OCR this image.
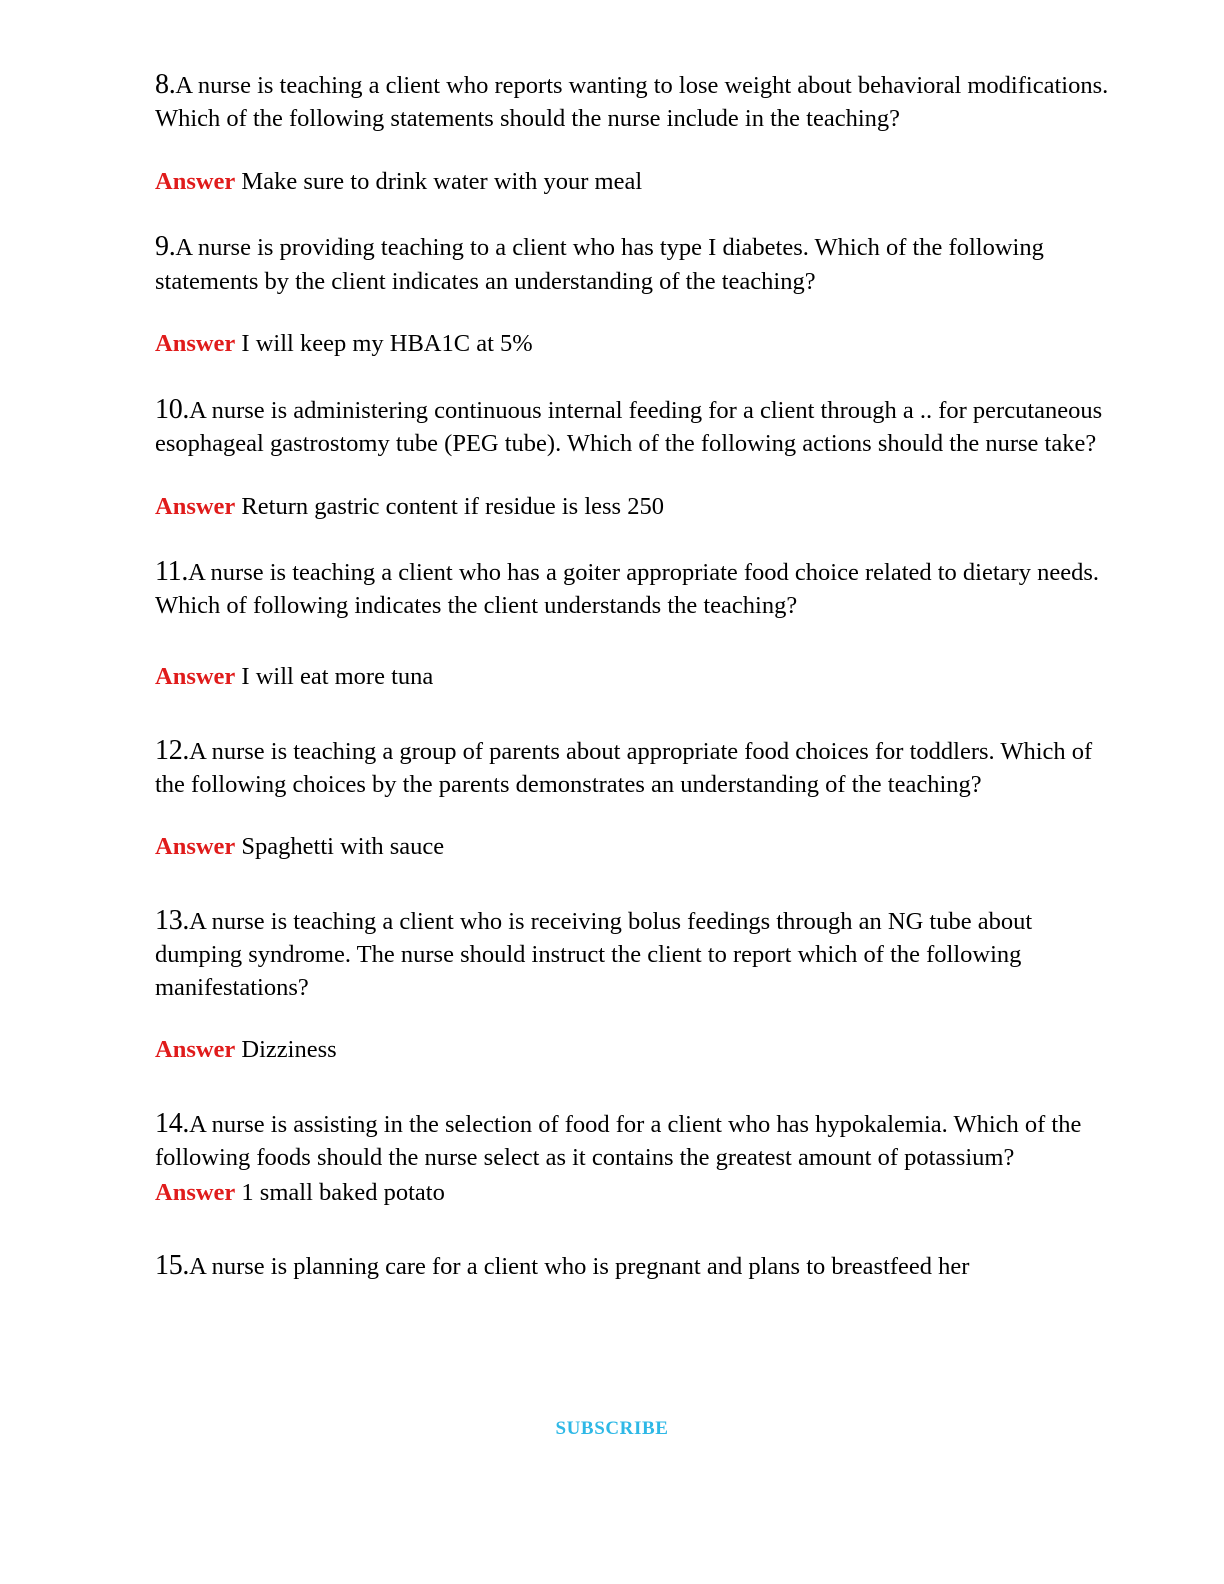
8.A nurse is teaching a client who reports wanting to lose weight about behavioral modifications. Which of the following statements should the nurse include in the teaching?

Answer Make sure to drink water with your meal

9.A nurse is providing teaching to a client who has type I diabetes. Which of the following statements by the client indicates an understanding of the teaching?

Answer I will keep my HBA1C at 5%

10.A nurse is administering continuous internal feeding for a client through a .. for percutaneous esophageal gastrostomy tube (PEG tube). Which of the following actions should the nurse take?

Answer Return gastric content if residue is less 250

11.A nurse is teaching a client who has a goiter appropriate food choice related to dietary needs. Which of following indicates the client understands the teaching?

Answer I will eat more tuna

12.A nurse is teaching a group of parents about appropriate food choices for toddlers. Which of the following choices by the parents demonstrates an understanding of the teaching?

Answer Spaghetti with sauce

13.A nurse is teaching a client who is receiving bolus feedings through an NG tube about dumping syndrome. The nurse should instruct the client to report which of the following manifestations?

Answer Dizziness

14.A nurse is assisting in the selection of food for a client who has hypokalemia. Which of the following foods should the nurse select as it contains the greatest amount of potassium?

Answer 1 small baked potato

15.A nurse is planning care for a client who is pregnant and plans to breastfeed her

SUBSCRIBE
